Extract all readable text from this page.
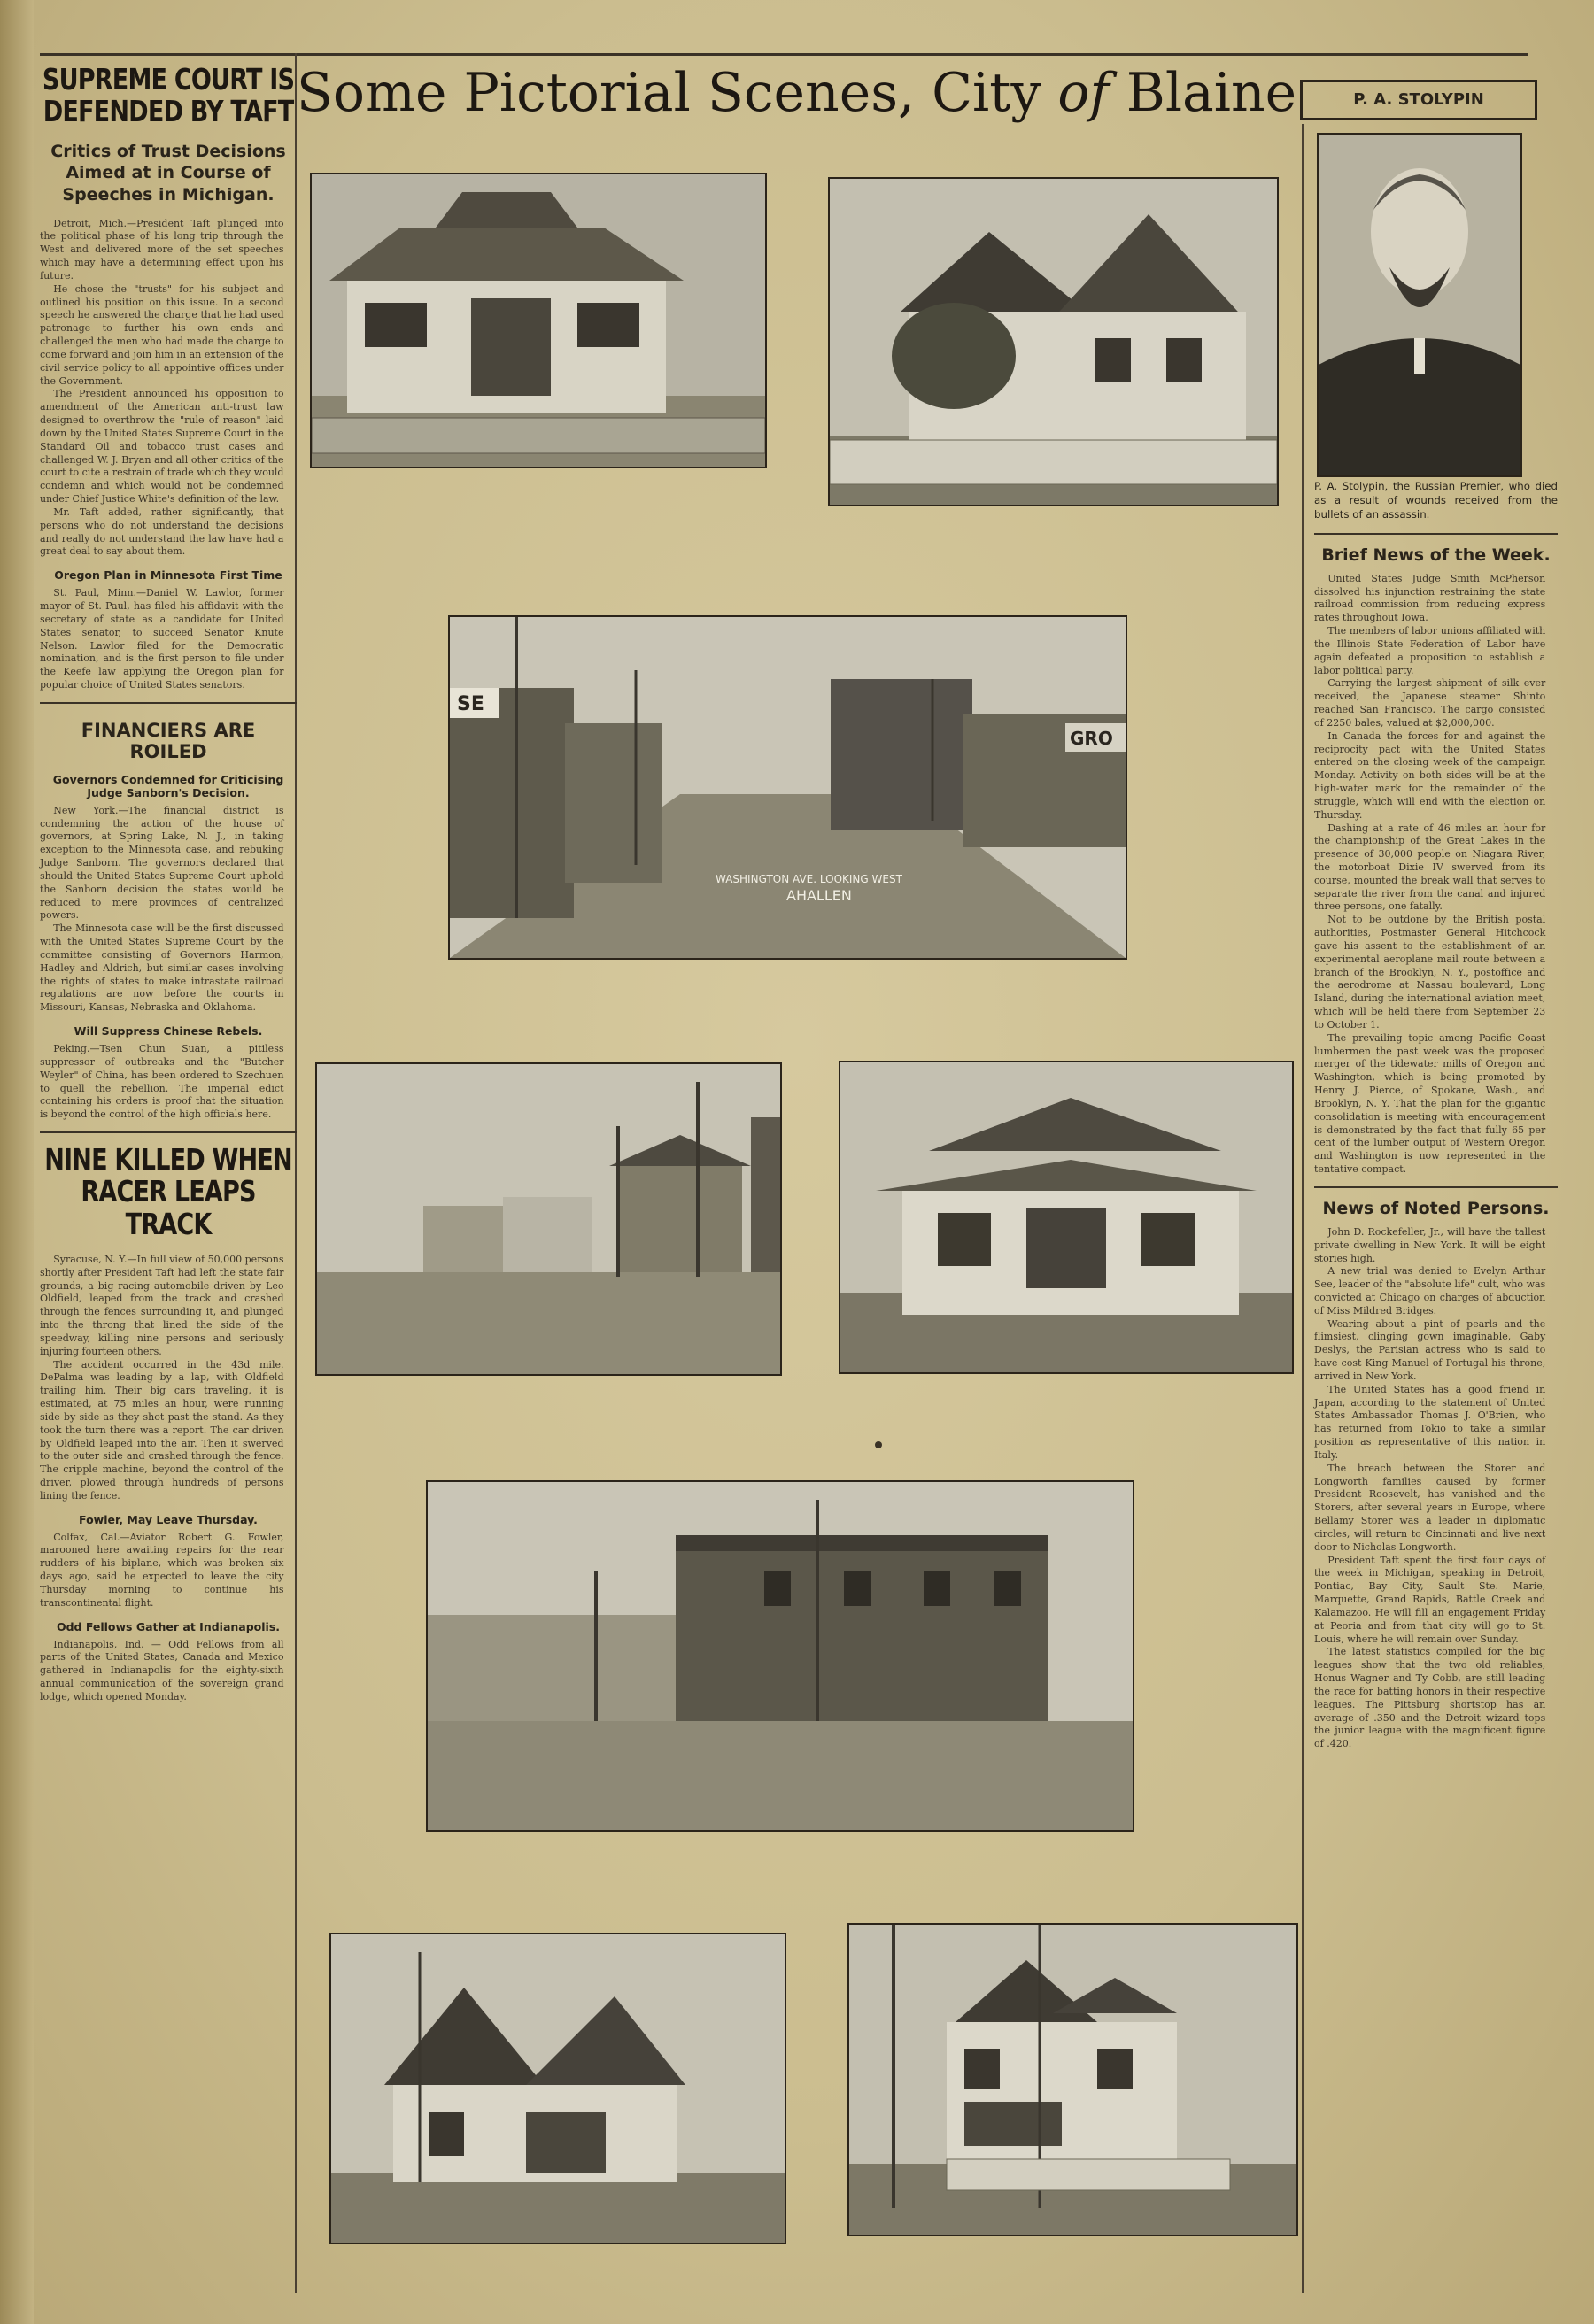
SUPREME COURT IS DEFENDED BY TAFT
Critics of Trust Decisions Aimed at in Course of Speeches in Michigan.

Detroit, Mich.—President Taft plunged into the political phase of his long trip through the West and delivered more of the set speeches which may have a determining effect upon his future.

He chose the "trusts" for his subject and outlined his position on this issue. In a second speech he answered the charge that he had used patronage to further his own ends and challenged the men who had made the charge to come forward and join him in an extension of the civil service policy to all appointive offices under the Government.

The President announced his opposition to amendment of the American anti-trust law designed to overthrow the "rule of reason" laid down by the United States Supreme Court in the Standard Oil and tobacco trust cases and challenged W. J. Bryan and all other critics of the court to cite a restrain of trade which they would condemn and which would not be condemned under Chief Justice White's definition of the law.

Mr. Taft added, rather significantly, that persons who do not understand the decisions and really do not understand the law have had a great deal to say about them.

Oregon Plan in Minnesota First Time

St. Paul, Minn.—Daniel W. Lawlor, former mayor of St. Paul, has filed his affidavit with the secretary of state as a candidate for United States senator, to succeed Senator Knute Nelson. Lawlor filed for the Democratic nomination, and is the first person to file under the Keefe law applying the Oregon plan for popular choice of United States senators.

FINANCIERS ARE ROILED
Governors Condemned for Criticising Judge Sanborn's Decision.

New York.—The financial district is condemning the action of the house of governors, at Spring Lake, N. J., in taking exception to the Minnesota case, and rebuking Judge Sanborn. The governors declared that should the United States Supreme Court uphold the Sanborn decision the states would be reduced to mere provinces of centralized powers.

The Minnesota case will be the first discussed with the United States Supreme Court by the committee consisting of Governors Harmon, Hadley and Aldrich, but similar cases involving the rights of states to make intrastate railroad regulations are now before the courts in Missouri, Kansas, Nebraska and Oklahoma.

Will Suppress Chinese Rebels.

Peking.—Tsen Chun Suan, a pitiless suppressor of outbreaks and the "Butcher Weyler" of China, has been ordered to Szechuen to quell the rebellion. The imperial edict containing his orders is proof that the situation is beyond the control of the high officials here.

NINE KILLED WHEN RACER LEAPS TRACK

Syracuse, N. Y.—In full view of 50,000 persons shortly after President Taft had left the state fair grounds, a big racing automobile driven by Leo Oldfield, leaped from the track and crashed through the fences surrounding it, and plunged into the throng that lined the side of the speedway, killing nine persons and seriously injuring fourteen others.

The accident occurred in the 43d mile. DePalma was leading by a lap, with Oldfield trailing him. Their big cars traveling, it is estimated, at 75 miles an hour, were running side by side as they shot past the stand. As they took the turn there was a report. The car driven by Oldfield leaped into the air. Then it swerved to the outer side and crashed through the fence. The cripple machine, beyond the control of the driver, plowed through hundreds of persons lining the fence.

Fowler, May Leave Thursday.

Colfax, Cal.—Aviator Robert G. Fowler, marooned here awaiting repairs for the rear rudders of his biplane, which was broken six days ago, said he expected to leave the city Thursday morning to continue his transcontinental flight.

Odd Fellows Gather at Indianapolis.

Indianapolis, Ind. — Odd Fellows from all parts of the United States, Canada and Mexico gathered in Indianapolis for the eighty-sixth annual communication of the sovereign grand lodge, which opened Monday.

Some Pictorial Scenes, City of Blaine
SE
GRO
WASHINGTON AVE. LOOKING WEST
AHALLEN
P. A. STOLYPIN
P. A. Stolypin, the Russian Premier, who died as a result of wounds received from the bullets of an assassin.
Brief News of the Week.

United States Judge Smith McPherson dissolved his injunction restraining the state railroad commission from reducing express rates throughout Iowa.

The members of labor unions affiliated with the Illinois State Federation of Labor have again defeated a proposition to establish a labor political party.

Carrying the largest shipment of silk ever received, the Japanese steamer Shinto reached San Francisco. The cargo consisted of 2250 bales, valued at $2,000,000.

In Canada the forces for and against the reciprocity pact with the United States entered on the closing week of the campaign Monday. Activity on both sides will be at the high-water mark for the remainder of the struggle, which will end with the election on Thursday.

Dashing at a rate of 46 miles an hour for the championship of the Great Lakes in the presence of 30,000 people on Niagara River, the motorboat Dixie IV swerved from its course, mounted the break wall that serves to separate the river from the canal and injured three persons, one fatally.

Not to be outdone by the British postal authorities, Postmaster General Hitchcock gave his assent to the establishment of an experimental aeroplane mail route between a branch of the Brooklyn, N. Y., postoffice and the aerodrome at Nassau boulevard, Long Island, during the international aviation meet, which will be held there from September 23 to October 1.

The prevailing topic among Pacific Coast lumbermen the past week was the proposed merger of the tidewater mills of Oregon and Washington, which is being promoted by Henry J. Pierce, of Spokane, Wash., and Brooklyn, N. Y. That the plan for the gigantic consolidation is meeting with encouragement is demonstrated by the fact that fully 65 per cent of the lumber output of Western Oregon and Washington is now represented in the tentative compact.

News of Noted Persons.

John D. Rockefeller, Jr., will have the tallest private dwelling in New York. It will be eight stories high.

A new trial was denied to Evelyn Arthur See, leader of the "absolute life" cult, who was convicted at Chicago on charges of abduction of Miss Mildred Bridges.

Wearing about a pint of pearls and the flimsiest, clinging gown imaginable, Gaby Deslys, the Parisian actress who is said to have cost King Manuel of Portugal his throne, arrived in New York.

The United States has a good friend in Japan, according to the statement of United States Ambassador Thomas J. O'Brien, who has returned from Tokio to take a similar position as representative of this nation in Italy.

The breach between the Storer and Longworth families caused by former President Roosevelt, has vanished and the Storers, after several years in Europe, where Bellamy Storer was a leader in diplomatic circles, will return to Cincinnati and live next door to Nicholas Longworth.

President Taft spent the first four days of the week in Michigan, speaking in Detroit, Pontiac, Bay City, Sault Ste. Marie, Marquette, Grand Rapids, Battle Creek and Kalamazoo. He will fill an engagement Friday at Peoria and from that city will go to St. Louis, where he will remain over Sunday.

The latest statistics compiled for the big leagues show that the two old reliables, Honus Wagner and Ty Cobb, are still leading the race for batting honors in their respective leagues. The Pittsburg shortstop has an average of .350 and the Detroit wizard tops the junior league with the magnificent figure of .420.
